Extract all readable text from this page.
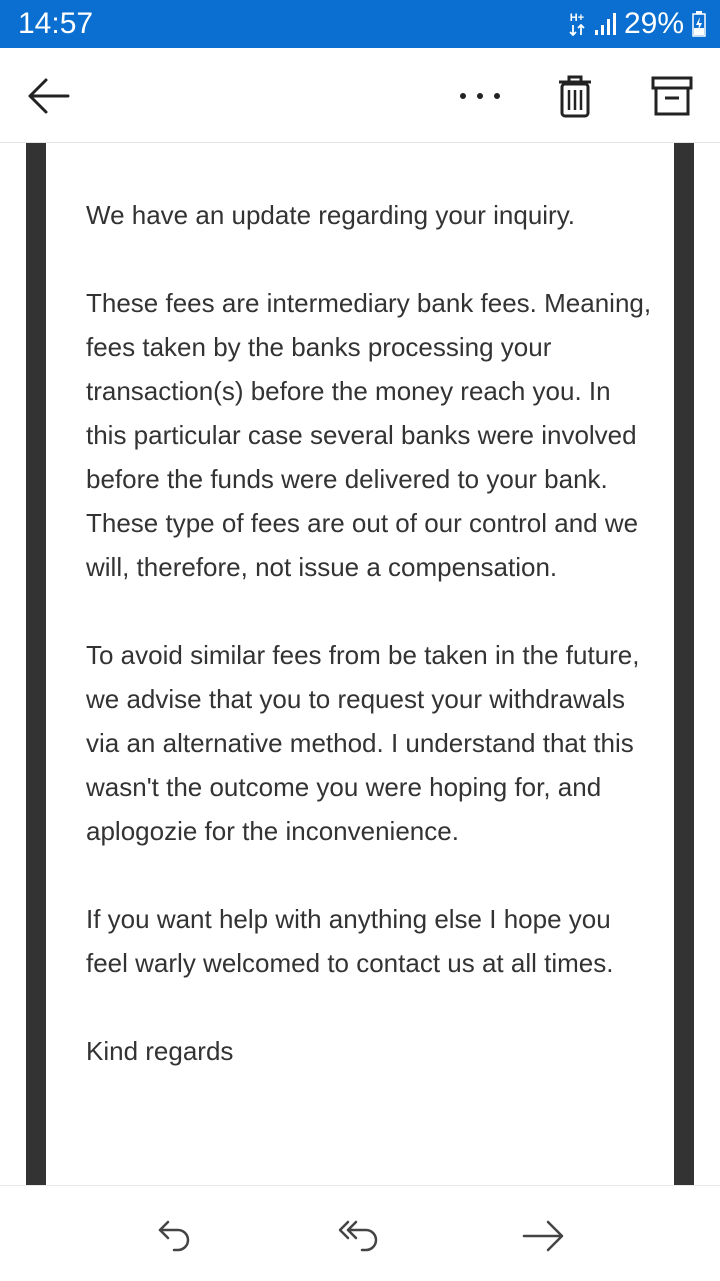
14:57	H+ 29%

We have an update regarding your inquiry.

These fees are intermediary bank fees. Meaning, fees taken by the banks processing your transaction(s) before the money reach you. In this particular case several banks were involved before the funds were delivered to your bank. These type of fees are out of our control and we will, therefore, not issue a compensation.

To avoid similar fees from be taken in the future, we advise that you to request your withdrawals via an alternative method. I understand that this wasn't the outcome you were hoping for, and aplogozie for the inconvenience.

If you want help with anything else I hope you feel warly welcomed to contact us at all times.

Kind regards
